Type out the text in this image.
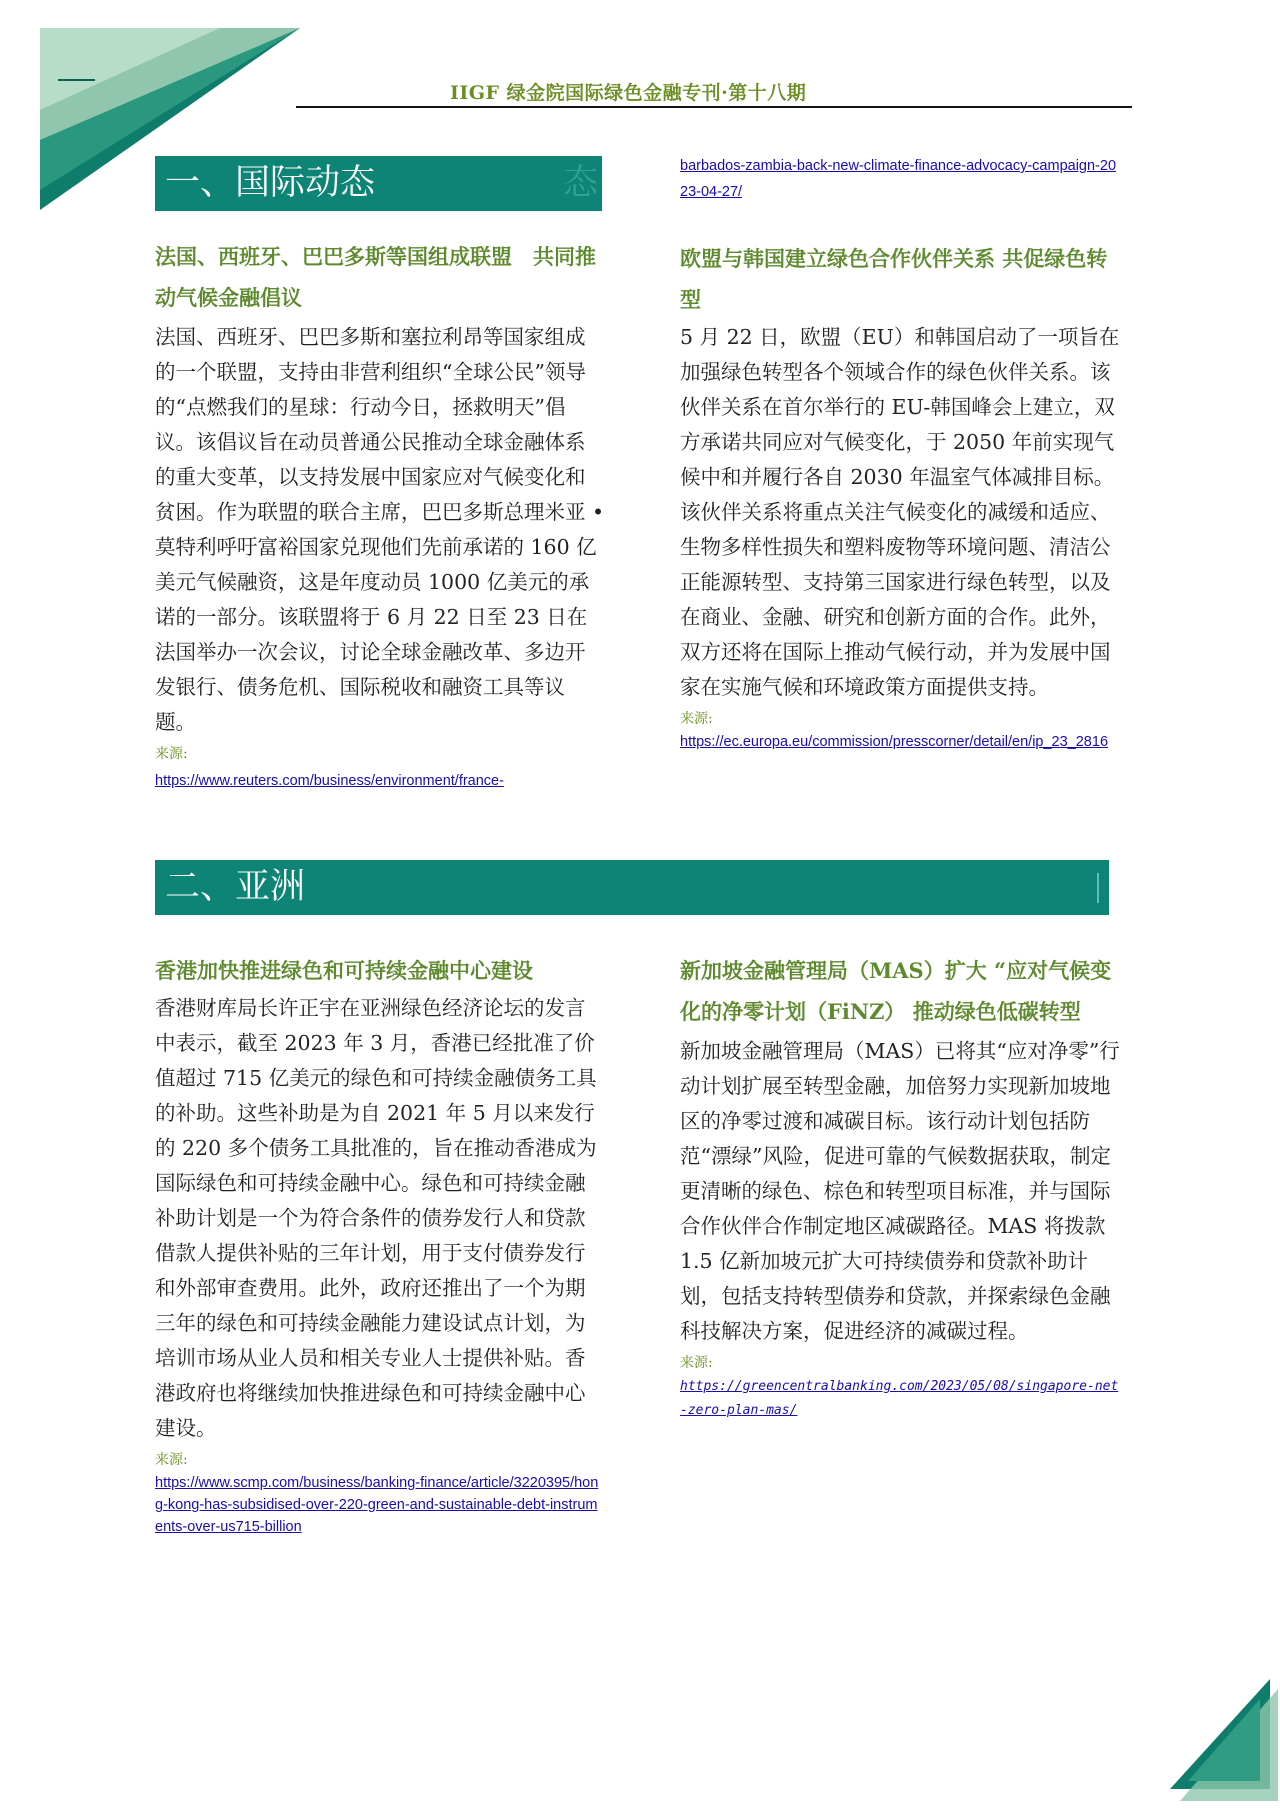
IIGF 绿金院国际绿色金融专刊·第十八期
一、国际动态	态

法国、西班牙、巴巴多斯等国组成联盟　共同推动气候金融倡议

法国、西班牙、巴巴多斯和塞拉利昂等国家组成的一个联盟，支持由非营利组织“全球公民”领导的“点燃我们的星球：行动今日，拯救明天”倡议。该倡议旨在动员普通公民推动全球金融体系的重大变革，以支持发展中国家应对气候变化和贫困。作为联盟的联合主席，巴巴多斯总理米亚 • 莫特利呼吁富裕国家兑现他们先前承诺的 160 亿美元气候融资，这是年度动员 1000 亿美元的承诺的一部分。该联盟将于 6 月 22 日至 23 日在法国举办一次会议，讨论全球金融改革、多边开发银行、债务危机、国际税收和融资工具等议题。

来源:
https://www.reuters.com/business/environment/france-
barbados-zambia-back-new-climate-finance-advocacy-campaign-2023-04-27/

欧盟与韩国建立绿色合作伙伴关系 共促绿色转型

5 月 22 日，欧盟（EU）和韩国启动了一项旨在加强绿色转型各个领域合作的绿色伙伴关系。该伙伴关系在首尔举行的 EU-韩国峰会上建立，双方承诺共同应对气候变化，于 2050 年前实现气候中和并履行各自 2030 年温室气体减排目标。该伙伴关系将重点关注气候变化的减缓和适应、生物多样性损失和塑料废物等环境问题、清洁公正能源转型、支持第三国家进行绿色转型，以及在商业、金融、研究和创新方面的合作。此外，双方还将在国际上推动气候行动，并为发展中国家在实施气候和环境政策方面提供支持。

来源:
https://ec.europa.eu/commission/presscorner/detail/en/ip_23_2816
二、亚洲

香港加快推进绿色和可持续金融中心建设

香港财库局长许正宇在亚洲绿色经济论坛的发言中表示，截至 2023 年 3 月，香港已经批准了价值超过 715 亿美元的绿色和可持续金融债务工具的补助。这些补助是为自 2021 年 5 月以来发行的 220 多个债务工具批准的，旨在推动香港成为国际绿色和可持续金融中心。绿色和可持续金融补助计划是一个为符合条件的债券发行人和贷款借款人提供补贴的三年计划，用于支付债券发行和外部审查费用。此外，政府还推出了一个为期三年的绿色和可持续金融能力建设试点计划，为培训市场从业人员和相关专业人士提供补贴。香港政府也将继续加快推进绿色和可持续金融中心建设。

来源:
https://www.scmp.com/business/banking-finance/article/3220395/hong-kong-has-subsidised-over-220-green-and-sustainable-debt-instruments-over-us715-billion

新加坡金融管理局（MAS）扩大 “应对气候变化的净零计划（FiNZ） 推动绿色低碳转型

新加坡金融管理局（MAS）已将其“应对净零”行动计划扩展至转型金融，加倍努力实现新加坡地区的净零过渡和减碳目标。该行动计划包括防范“漂绿”风险，促进可靠的气候数据获取，制定更清晰的绿色、棕色和转型项目标准，并与国际合作伙伴合作制定地区减碳路径。MAS 将拨款 1.5 亿新加坡元扩大可持续债券和贷款补助计划，包括支持转型债券和贷款，并探索绿色金融科技解决方案，促进经济的减碳过程。

来源:
https://greencentralbanking.com/2023/05/08/singapore-net-zero-plan-mas/
